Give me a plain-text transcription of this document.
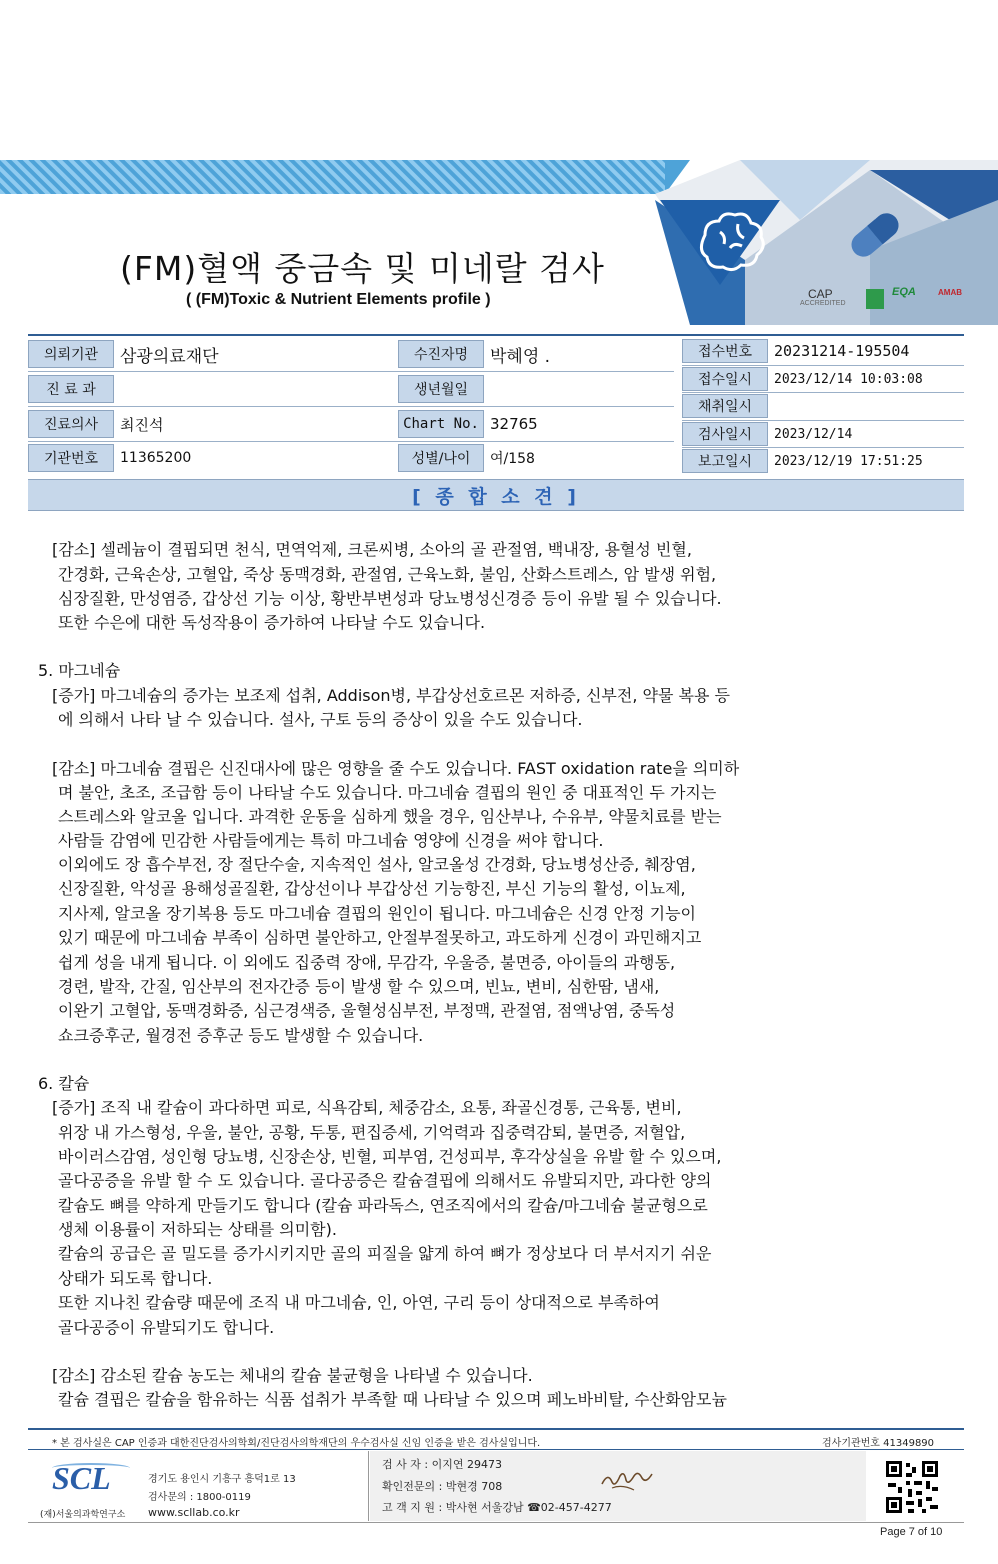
(FM)혈액 중금속 및 미네랄 검사
( (FM)Toxic & Nutrient Elements profile )	CAP
ACCREDITED
EQA	AMAB
의뢰기관	삼광의료재단
진 료 과
진료의사	최진석
기관번호	11365200
수진자명	박혜영 .
생년월일
Chart No. 32765
성별/나이	여/158
접수번호	20231214-195504
접수일시	2023/12/14 10:03:08
채취일시
검사일시	2023/12/14
보고일시	2023/12/19 17:51:25
[ 종 합 소 견 ]
[감소] 셀레늄이 결핍되면 천식, 면역억제, 크론씨병, 소아의 골 관절염, 백내장, 용혈성 빈혈,
간경화, 근육손상, 고혈압, 죽상 동맥경화, 관절염, 근육노화, 불임, 산화스트레스, 암 발생 위험,
심장질환, 만성염증, 갑상선 기능 이상, 황반부변성과 당뇨병성신경증 등이 유발 될 수 있습니다.
또한 수은에 대한 독성작용이 증가하여 나타날 수도 있습니다.
5. 마그네슘
[증가] 마그네슘의 증가는 보조제 섭취, Addison병, 부갑상선호르몬 저하증, 신부전, 약물 복용 등
에 의해서 나타 날 수 있습니다. 설사, 구토 등의 증상이 있을 수도 있습니다.
[감소] 마그네슘 결핍은 신진대사에 많은 영향을 줄 수도 있습니다. FAST oxidation rate을 의미하
며 불안, 초조, 조급함 등이 나타날 수도 있습니다. 마그네슘 결핍의 원인 중 대표적인 두 가지는
스트레스와 알코올 입니다. 과격한 운동을 심하게 했을 경우, 임산부나, 수유부, 약물치료를 받는
사람들 감염에 민감한 사람들에게는 특히 마그네슘 영양에 신경을 써야 합니다.
이외에도 장 흡수부전, 장 절단수술, 지속적인 설사, 알코올성 간경화, 당뇨병성산증, 췌장염,
신장질환, 악성골 용해성골질환, 갑상선이나 부갑상선 기능항진, 부신 기능의 활성, 이뇨제,
지사제, 알코올 장기복용 등도 마그네슘 결핍의 원인이 됩니다. 마그네슘은 신경 안정 기능이
있기 때문에 마그네슘 부족이 심하면 불안하고, 안절부절못하고, 과도하게 신경이 과민해지고
쉽게 성을 내게 됩니다. 이 외에도 집중력 장애, 무감각, 우울증, 불면증, 아이들의 과행동,
경련, 발작, 간질, 임산부의 전자간증 등이 발생 할 수 있으며, 빈뇨, 변비, 심한땀, 냄새,
이완기 고혈압, 동맥경화증, 심근경색증, 울혈성심부전, 부정맥, 관절염, 점액낭염, 중독성
쇼크증후군, 월경전 증후군 등도 발생할 수 있습니다.
6. 칼슘
[증가] 조직 내 칼슘이 과다하면 피로, 식욕감퇴, 체중감소, 요통, 좌골신경통, 근육통, 변비,
위장 내 가스형성, 우울, 불안, 공황, 두통, 편집증세, 기억력과 집중력감퇴, 불면증, 저혈압,
바이러스감염, 성인형 당뇨병, 신장손상, 빈혈, 피부염, 건성피부, 후각상실을 유발 할 수 있으며,
골다공증을 유발 할 수 도 있습니다. 골다공증은 칼슘결핍에 의해서도 유발되지만, 과다한 양의
칼슘도 뼈를 약하게 만들기도 합니다 (칼슘 파라독스, 연조직에서의 칼슘/마그네슘 불균형으로
생체 이용률이 저하되는 상태를 의미함).
칼슘의 공급은 골 밀도를 증가시키지만 골의 피질을 얇게 하여 뼈가 정상보다 더 부서지기 쉬운
상태가 되도록 합니다.
또한 지나친 칼슘량 때문에 조직 내 마그네슘, 인, 아연, 구리 등이 상대적으로 부족하여
골다공증이 유발되기도 합니다.
[감소] 감소된 칼슘 농도는 체내의 칼슘 불균형을 나타낼 수 있습니다.
칼슘 결핍은 칼슘을 함유하는 식품 섭취가 부족할 때 나타날 수 있으며 페노바비탈, 수산화암모늄
* 본 검사실은 CAP 인증과 대한진단검사의학회/진단검사의학재단의 우수검사실 신임 인증을 받은 검사실입니다.	검사기관번호 41349890
SCL
(재)서울의과학연구소
경기도 용인시 기흥구 흥덕1로 13
검사문의 : 1800-0119
www.scllab.co.kr
검 사 자 : 이지연 29473
확인전문의 : 박현경 708
고 객 지 원 : 박사현 서울강남 ☎02-457-4277
Page 7 of 10
